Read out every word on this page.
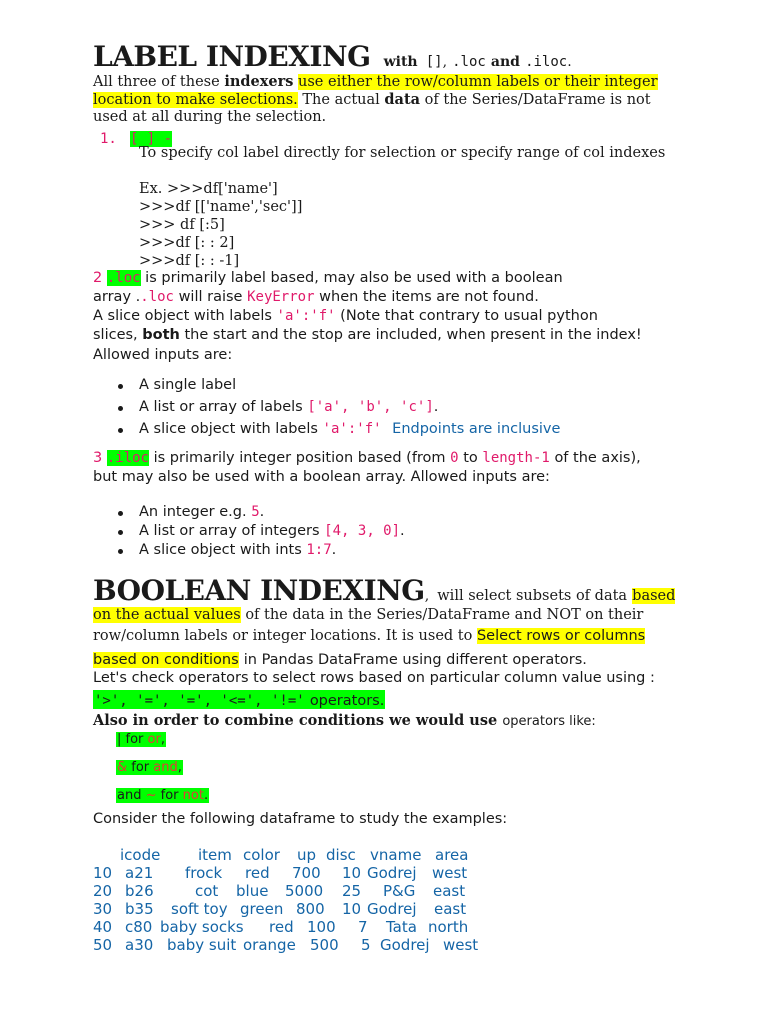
LABEL INDEXING with [], .loc and .iloc.
All three of these indexers use either the row/column labels or their integer
location to make selections. The actual data of the Series/DataFrame is not
used at all during the selection.
1. [ ] -
To specify col label directly for selection or specify range of col indexes
Ex. >>>df['name']
>>>df [['name','sec']]
>>> df [:5]
>>>df [: : 2]
>>>df [: : -1]
2 .loc is primarily label based, may also be used with a boolean
array ..loc will raise KeyError when the items are not found.
A slice object with labels 'a':'f' (Note that contrary to usual python
slices, both the start and the stop are included, when present in the index!
Allowed inputs are:
A single label
A list or array of labels ['a', 'b', 'c'].
A slice object with labels 'a':'f' Endpoints are inclusive
3 .iloc is primarily integer position based (from 0 to length-1 of the axis),
but may also be used with a boolean array. Allowed inputs are:
An integer e.g. 5.
A list or array of integers [4, 3, 0].
A slice object with ints 1:7.
BOOLEAN INDEXING, will select subsets of data based
on the actual values of the data in the Series/DataFrame and NOT on their
row/column labels or integer locations. It is used to Select rows or columns
based on conditions in Pandas DataFrame using different operators.
Let's check operators to select rows based on particular column value using :
'>', '=', '=', '<=', '!=' operators.
Also in order to combine conditions we would use operators like:
| for or,
& for and,
and ~ for not.
Consider the following dataframe to study the examples:
icode	item color up disc vname area
10 a21 frock red 700 10 Godrej west
20 b26	cot blue 5000 25 P&G east
30 b35 soft toy green 800 10 Godrej east
40 c80 baby socks red 100 7 Tata north
50 a30 baby suit orange 500 5 Godrej west
